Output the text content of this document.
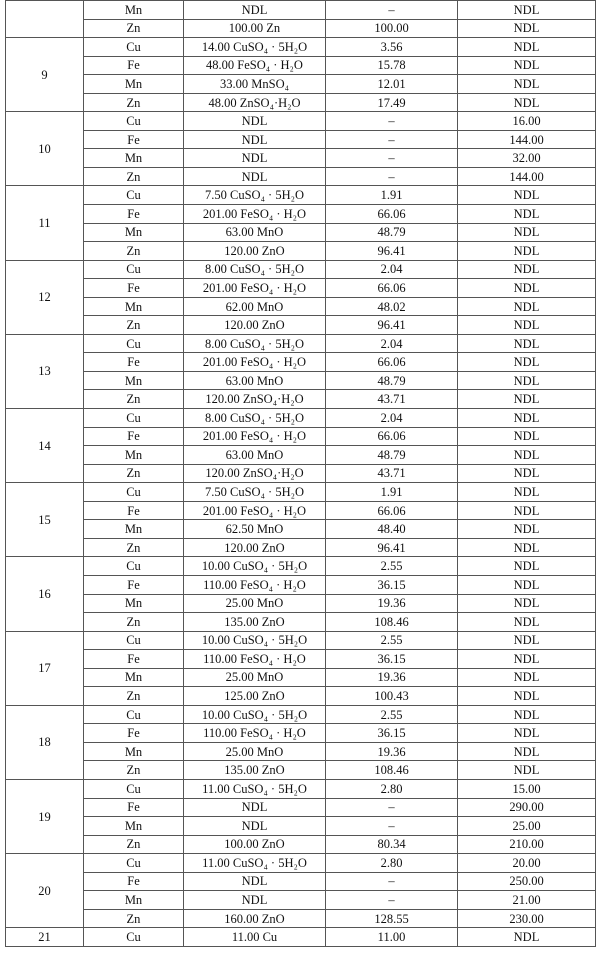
	Mn	NDL	–	NDL
	Zn	100.00 Zn	100.00	NDL
9	Cu	14.00 CuSO₄ · 5H₂O	3.56	NDL
	Fe	48.00 FeSO₄ · H₂O	15.78	NDL
	Mn	33.00 MnSO₄	12.01	NDL
	Zn	48.00 ZnSO₄·H₂O	17.49	NDL
10	Cu	NDL	–	16.00
	Fe	NDL	–	144.00
	Mn	NDL	–	32.00
	Zn	NDL	–	144.00
11	Cu	7.50 CuSO₄ · 5H₂O	1.91	NDL
	Fe	201.00 FeSO₄ · H₂O	66.06	NDL
	Mn	63.00 MnO	48.79	NDL
	Zn	120.00 ZnO	96.41	NDL
12	Cu	8.00 CuSO₄ · 5H₂O	2.04	NDL
	Fe	201.00 FeSO₄ · H₂O	66.06	NDL
	Mn	62.00 MnO	48.02	NDL
	Zn	120.00 ZnO	96.41	NDL
13	Cu	8.00 CuSO₄ · 5H₂O	2.04	NDL
	Fe	201.00 FeSO₄ · H₂O	66.06	NDL
	Mn	63.00 MnO	48.79	NDL
	Zn	120.00 ZnSO₄·H₂O	43.71	NDL
14	Cu	8.00 CuSO₄ · 5H₂O	2.04	NDL
	Fe	201.00 FeSO₄ · H₂O	66.06	NDL
	Mn	63.00 MnO	48.79	NDL
	Zn	120.00 ZnSO₄·H₂O	43.71	NDL
15	Cu	7.50 CuSO₄ · 5H₂O	1.91	NDL
	Fe	201.00 FeSO₄ · H₂O	66.06	NDL
	Mn	62.50 MnO	48.40	NDL
	Zn	120.00 ZnO	96.41	NDL
16	Cu	10.00 CuSO₄ · 5H₂O	2.55	NDL
	Fe	110.00 FeSO₄ · H₂O	36.15	NDL
	Mn	25.00 MnO	19.36	NDL
	Zn	135.00 ZnO	108.46	NDL
17	Cu	10.00 CuSO₄ · 5H₂O	2.55	NDL
	Fe	110.00 FeSO₄ · H₂O	36.15	NDL
	Mn	25.00 MnO	19.36	NDL
	Zn	125.00 ZnO	100.43	NDL
18	Cu	10.00 CuSO₄ · 5H₂O	2.55	NDL
	Fe	110.00 FeSO₄ · H₂O	36.15	NDL
	Mn	25.00 MnO	19.36	NDL
	Zn	135.00 ZnO	108.46	NDL
19	Cu	11.00 CuSO₄ · 5H₂O	2.80	15.00
	Fe	NDL	–	290.00
	Mn	NDL	–	25.00
	Zn	100.00 ZnO	80.34	210.00
20	Cu	11.00 CuSO₄ · 5H₂O	2.80	20.00
	Fe	NDL	–	250.00
	Mn	NDL	–	21.00
	Zn	160.00 ZnO	128.55	230.00
21	Cu	11.00 Cu	11.00	NDL
